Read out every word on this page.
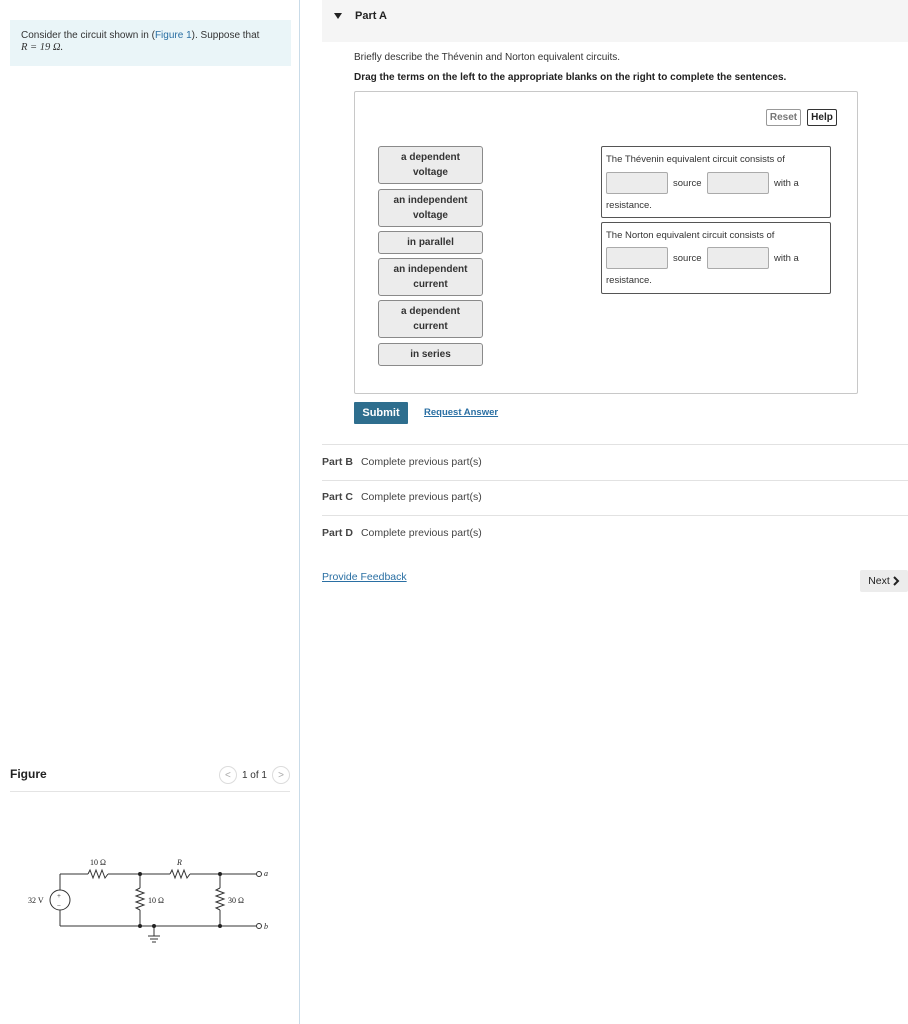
Consider the circuit shown in (Figure 1). Suppose that
R = 19 Ω.
Figure	<	1 of 1	>
32 V
10 Ω	R
10 Ω	30 Ω
a
b
+
−
Part A
Briefly describe the Thévenin and Norton equivalent circuits.
Drag the terms on the left to the appropriate blanks on the right to complete the sentences.
Reset	Help
a dependent voltage
an independent voltage
in parallel
an independent current
a dependent current
in series
The Thévenin equivalent circuit consists of
source	with a
resistance.
The Norton equivalent circuit consists of
source	with a
resistance.
Submit	Request Answer
Part B Complete previous part(s)
Part C Complete previous part(s)
Part D Complete previous part(s)
Provide Feedback	Next
